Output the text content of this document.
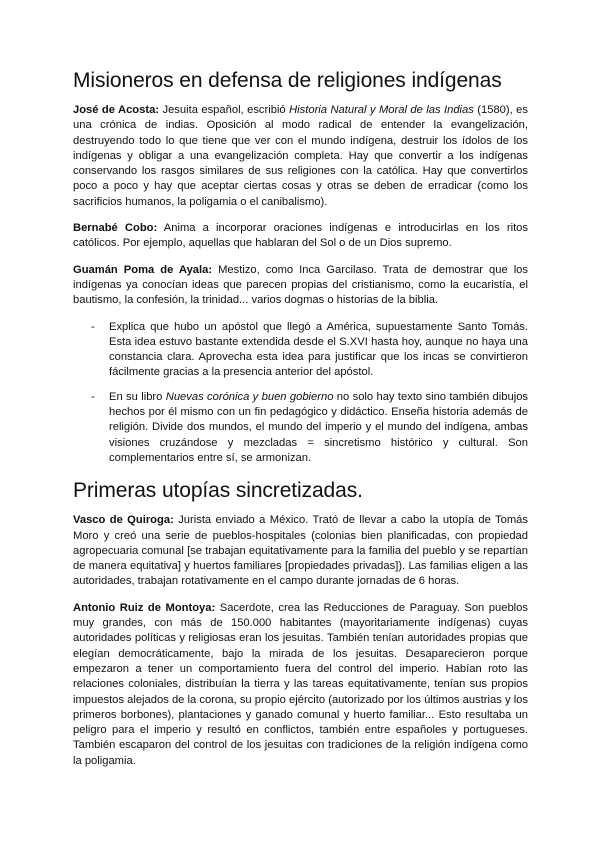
Misioneros en defensa de religiones indígenas

José de Acosta: Jesuita español, escribió Historia Natural y Moral de las Indias (1580), es una crónica de indias. Oposición al modo radical de entender la evangelización, destruyendo todo lo que tiene que ver con el mundo indígena, destruir los ídolos de los indígenas y obligar a una evangelización completa. Hay que convertir a los indígenas conservando los rasgos similares de sus religiones con la católica. Hay que convertirlos poco a poco y hay que aceptar ciertas cosas y otras se deben de erradicar (como los sacrificios humanos, la poligamia o el canibalismo).

Bernabé Cobo: Anima a incorporar oraciones indígenas e introducirlas en los ritos católicos. Por ejemplo, aquellas que hablaran del Sol o de un Dios supremo.

Guamán Poma de Ayala: Mestizo, como Inca Garcilaso. Trata de demostrar que los indígenas ya conocían ideas que parecen propias del cristianismo, como la eucaristía, el bautismo, la confesión, la trinidad... varios dogmas o historias de la biblia.

- Explica que hubo un apóstol que llegó a América, supuestamente Santo Tomás. Esta idea estuvo bastante extendida desde el S.XVI hasta hoy, aunque no haya una constancia clara. Aprovecha esta idea para justificar que los incas se convirtieron fácilmente gracias a la presencia anterior del apóstol.
- En su libro Nuevas corónica y buen gobierno no solo hay texto sino también dibujos hechos por él mismo con un fin pedagógico y didáctico. Enseña historia además de religión. Divide dos mundos, el mundo del imperio y el mundo del indígena, ambas visiones cruzándose y mezcladas = sincretismo histórico y cultural. Son complementarios entre sí, se armonizan.
Primeras utopías sincretizadas.

Vasco de Quiroga: Jurista enviado a México. Trató de llevar a cabo la utopía de Tomás Moro y creó una serie de pueblos-hospitales (colonias bien planificadas, con propiedad agropecuaria comunal [se trabajan equitativamente para la familia del pueblo y se repartían de manera equitativa] y huertos familiares [propiedades privadas]). Las familias eligen a las autoridades, trabajan rotativamente en el campo durante jornadas de 6 horas.

Antonio Ruiz de Montoya: Sacerdote, crea las Reducciones de Paraguay. Son pueblos muy grandes, con más de 150.000 habitantes (mayoritariamente indígenas) cuyas autoridades políticas y religiosas eran los jesuitas. También tenían autoridades propias que elegían democráticamente, bajo la mirada de los jesuitas. Desaparecieron porque empezaron a tener un comportamiento fuera del control del imperio. Habían roto las relaciones coloniales, distribuían la tierra y las tareas equitativamente, tenían sus propios impuestos alejados de la corona, su propio ejército (autorizado por los últimos austrias y los primeros borbones), plantaciones y ganado comunal y huerto familiar... Esto resultaba un peligro para el imperio y resultó en conflictos, también entre españoles y portugueses. También escaparon del control de los jesuitas con tradiciones de la religión indígena como la poligamia.
